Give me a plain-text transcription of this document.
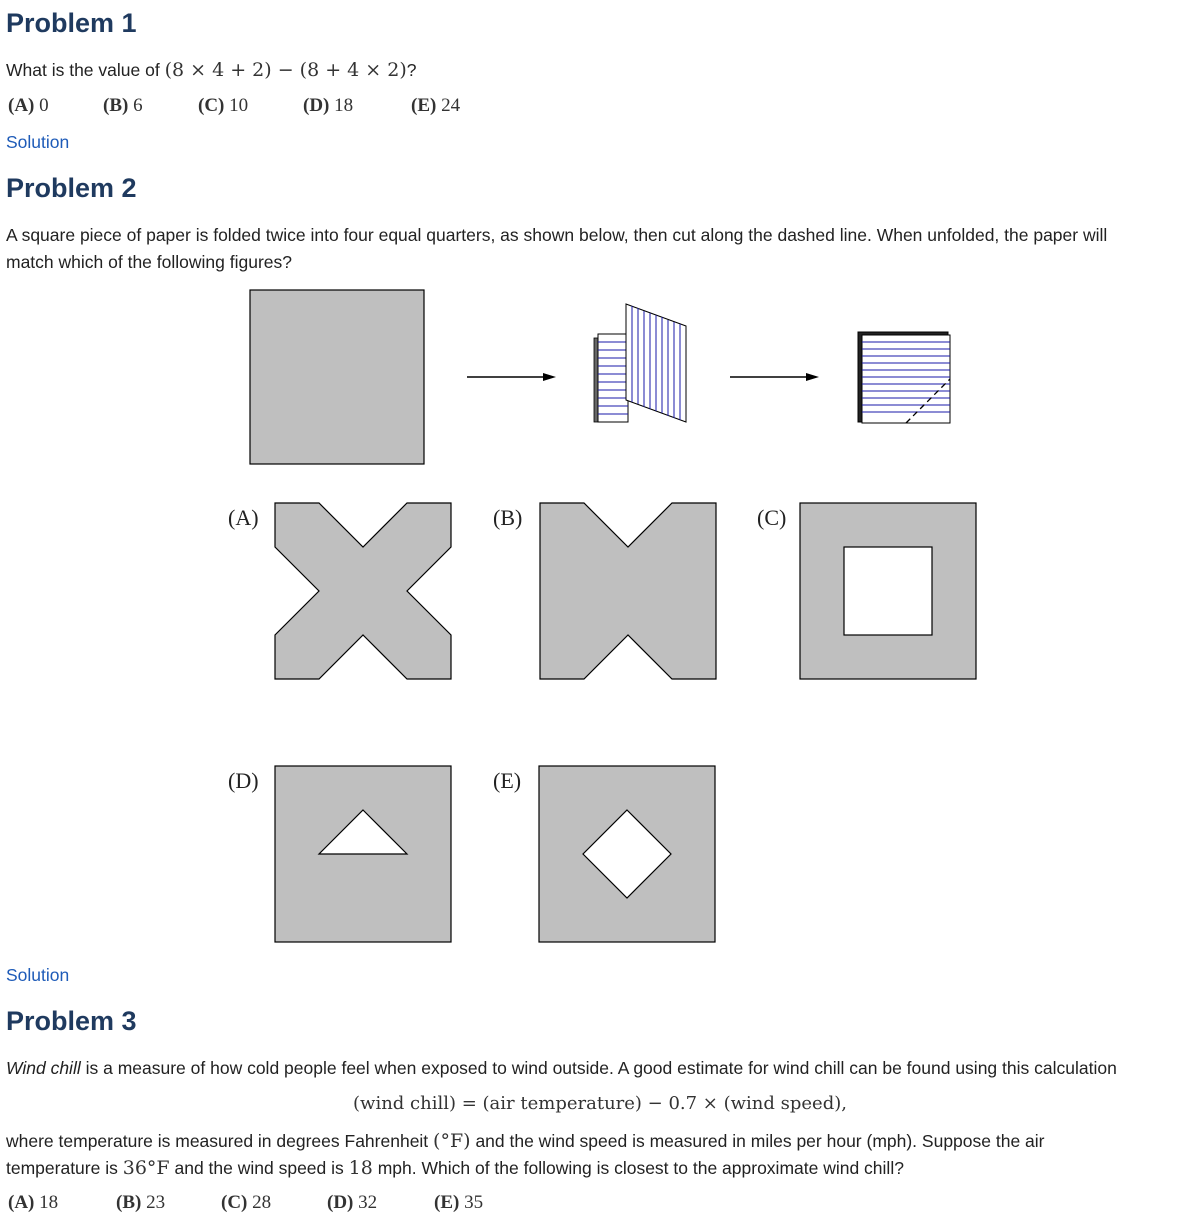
Problem 1
What is the value of (8 × 4 + 2) − (8 + 4 × 2)?
(A) 0	(B) 6	(C) 10	(D) 18	(E) 24
Solution
Problem 2
A square piece of paper is folded twice into four equal quarters, as shown below, then cut along the dashed line. When unfolded, the paper will
match which of the following figures?
(A)	(B)	(C)
(D)	(E)
Solution
Problem 3
Wind chill is a measure of how cold people feel when exposed to wind outside. A good estimate for wind chill can be found using this calculation
(wind chill) = (air temperature) − 0.7 × (wind speed),
where temperature is measured in degrees Fahrenheit (°F) and the wind speed is measured in miles per hour (mph). Suppose the air
temperature is 36°F and the wind speed is 18 mph. Which of the following is closest to the approximate wind chill?
(A) 18	(B) 23	(C) 28	(D) 32	(E) 35
